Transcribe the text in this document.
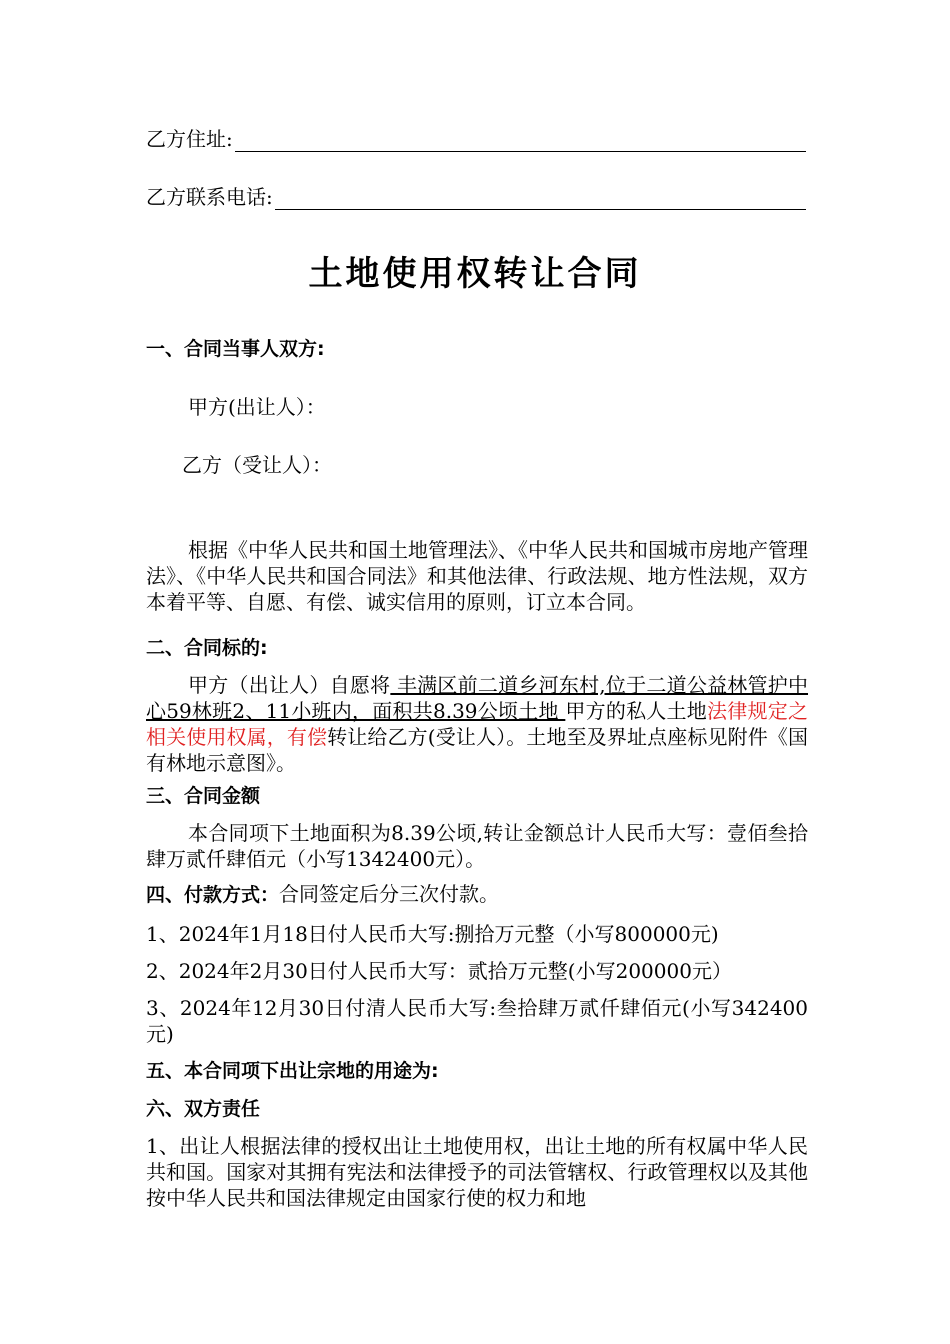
乙方住址:
乙方联系电话:
土地使用权转让合同
一、合同当事人双方:
甲方(出让人）：
乙方（受让人）：
根据《中华人民共和国土地管理法》、《中华人民共和国城市房地产管理法》、《中华人民共和国合同法》和其他法律、行政法规、地方性法规，双方本着平等、自愿、有偿、诚实信用的原则，订立本合同。
二、合同标的:
甲方（出让人）自愿将 丰满区前二道乡河东村,位于二道公益林管护中心59林班2、11小班内，面积共8.39公顷土地 甲方的私人土地法律规定之相关使用权属，有偿转让给乙方(受让人）。土地至及界址点座标见附件《国有林地示意图》。
三、合同金额
本合同项下土地面积为8.39公顷,转让金额总计人民币大写：壹佰叁拾肆万贰仟肆佰元（小写1342400元）。
四、付款方式：合同签定后分三次付款。
1、2024年1月18日付人民币大写:捌拾万元整（小写800000元)
2、2024年2月30日付人民币大写：贰拾万元整(小写200000元）
3、2024年12月30日付清人民币大写:叁拾肆万贰仟肆佰元(小写342400元)
五、本合同项下出让宗地的用途为:
六、双方责任
1、出让人根据法律的授权出让土地使用权，出让土地的所有权属中华人民共和国。国家对其拥有宪法和法律授予的司法管辖权、行政管理权以及其他按中华人民共和国法律规定由国家行使的权力和地
